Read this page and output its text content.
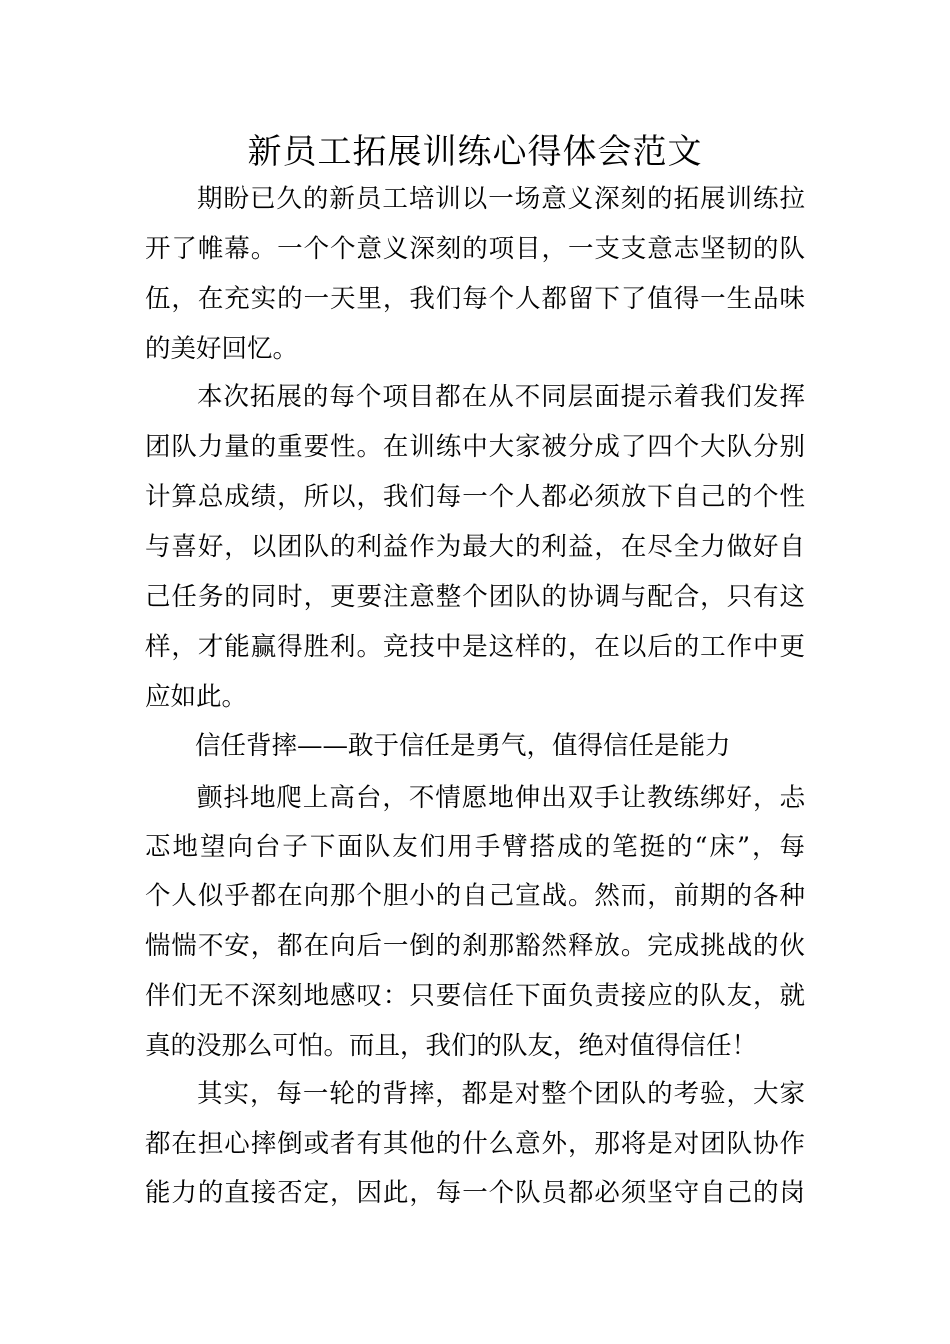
新员工拓展训练心得体会范文
期盼已久的新员工培训以一场意义深刻的拓展训练拉
开了帷幕。一个个意义深刻的项目，一支支意志坚韧的队
伍，在充实的一天里，我们每个人都留下了值得一生品味
的美好回忆。
本次拓展的每个项目都在从不同层面提示着我们发挥
团队力量的重要性。在训练中大家被分成了四个大队分别
计算总成绩，所以，我们每一个人都必须放下自己的个性
与喜好，以团队的利益作为最大的利益，在尽全力做好自
己任务的同时，更要注意整个团队的协调与配合，只有这
样，才能赢得胜利。竞技中是这样的，在以后的工作中更
应如此。
信任背摔——敢于信任是勇气，值得信任是能力
颤抖地爬上高台，不情愿地伸出双手让教练绑好，忐
忑地望向台子下面队友们用手臂搭成的笔挺的“床”，每
个人似乎都在向那个胆小的自己宣战。然而，前期的各种
惴惴不安，都在向后一倒的刹那豁然释放。完成挑战的伙
伴们无不深刻地感叹：只要信任下面负责接应的队友，就
真的没那么可怕。而且，我们的队友，绝对值得信任！
其实，每一轮的背摔，都是对整个团队的考验，大家
都在担心摔倒或者有其他的什么意外，那将是对团队协作
能力的直接否定，因此，每一个队员都必须坚守自己的岗
